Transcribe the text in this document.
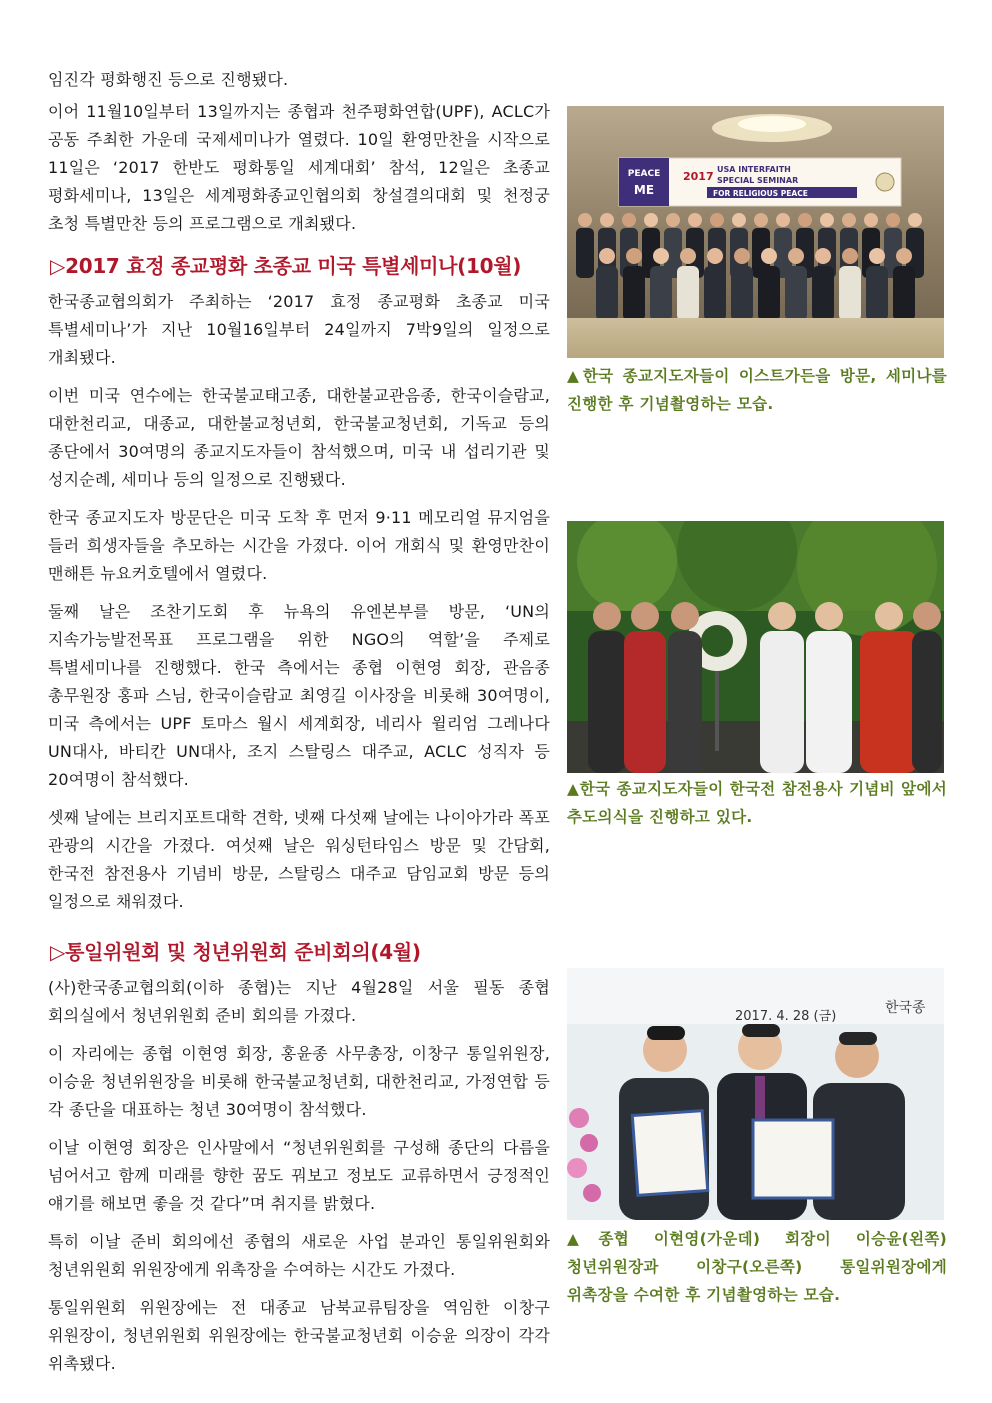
임진각 평화행진 등으로 진행됐다.

이어 11월10일부터 13일까지는 종협과 천주평화연합(UPF), ACLC가 공동 주최한 가운데 국제세미나가 열렸다. 10일 환영만찬을 시작으로 11일은 ‘2017 한반도 평화통일 세계대회’ 참석, 12일은 초종교 평화세미나, 13일은 세계평화종교인협의회 창설결의대회 및 천정궁 초청 특별만찬 등의 프로그램으로 개최됐다.

▷2017 효정 종교평화 초종교 미국 특별세미나(10월)

한국종교협의회가 주최하는 ‘2017 효정 종교평화 초종교 미국 특별세미나’가 지난 10월16일부터 24일까지 7박9일의 일정으로 개최됐다.

이번 미국 연수에는 한국불교태고종, 대한불교관음종, 한국이슬람교, 대한천리교, 대종교, 대한불교청년회, 한국불교청년회, 기독교 등의 종단에서 30여명의 종교지도자들이 참석했으며, 미국 내 섭리기관 및 성지순례, 세미나 등의 일정으로 진행됐다.

한국 종교지도자 방문단은 미국 도착 후 먼저 9·11 메모리얼 뮤지엄을 들러 희생자들을 추모하는 시간을 가졌다. 이어 개회식 및 환영만찬이 맨해튼 뉴요커호텔에서 열렸다.

둘째 날은 조찬기도회 후 뉴욕의 유엔본부를 방문, ‘UN의 지속가능발전목표 프로그램을 위한 NGO의 역할’을 주제로 특별세미나를 진행했다. 한국 측에서는 종협 이현영 회장, 관음종 총무원장 홍파 스님, 한국이슬람교 최영길 이사장을 비롯해 30여명이, 미국 측에서는 UPF 토마스 월시 세계회장, 네리사 윌리엄 그레나다 UN대사, 바티칸 UN대사, 조지 스탈링스 대주교, ACLC 성직자 등 20여명이 참석했다.

셋째 날에는 브리지포트대학 견학, 넷째 다섯째 날에는 나이아가라 폭포 관광의 시간을 가졌다. 여섯째 날은 워싱턴타임스 방문 및 간담회, 한국전 참전용사 기념비 방문, 스탈링스 대주교 담임교회 방문 등의 일정으로 채워졌다.

▷통일위원회 및 청년위원회 준비회의(4월)

(사)한국종교협의회(이하 종협)는 지난 4월28일 서울 필동 종협 회의실에서 청년위원회 준비 회의를 가졌다.

이 자리에는 종협 이현영 회장, 홍윤종 사무총장, 이창구 통일위원장, 이승윤 청년위원장을 비롯해 한국불교청년회, 대한천리교, 가정연합 등 각 종단을 대표하는 청년 30여명이 참석했다.

이날 이현영 회장은 인사말에서 “청년위원회를 구성해 종단의 다름을 넘어서고 함께 미래를 향한 꿈도 꿔보고 정보도 교류하면서 긍정적인 얘기를 해보면 좋을 것 같다”며 취지를 밝혔다.

특히 이날 준비 회의에선 종협의 새로운 사업 분과인 통일위원회와 청년위원회 위원장에게 위촉장을 수여하는 시간도 가졌다.

통일위원회 위원장에는 전 대종교 남북교류팀장을 역임한 이창구 위원장이, 청년위원회 위원장에는 한국불교청년회 이승윤 의장이 각각 위촉됐다.

PEACE
ME
2017
USA INTERFAITH
SPECIAL SEMINAR
FOR RELIGIOUS PEACE
▲한국 종교지도자들이 이스트가든을 방문, 세미나를 진행한 후 기념촬영하는 모습.
▲한국 종교지도자들이 한국전 참전용사 기념비 앞에서 추도의식을 진행하고 있다.
2017. 4. 28 (금)
한국종
▲종협 이현영(가운데) 회장이 이승윤(왼쪽) 청년위원장과 이창구(오른쪽) 통일위원장에게 위촉장을 수여한 후 기념촬영하는 모습.
